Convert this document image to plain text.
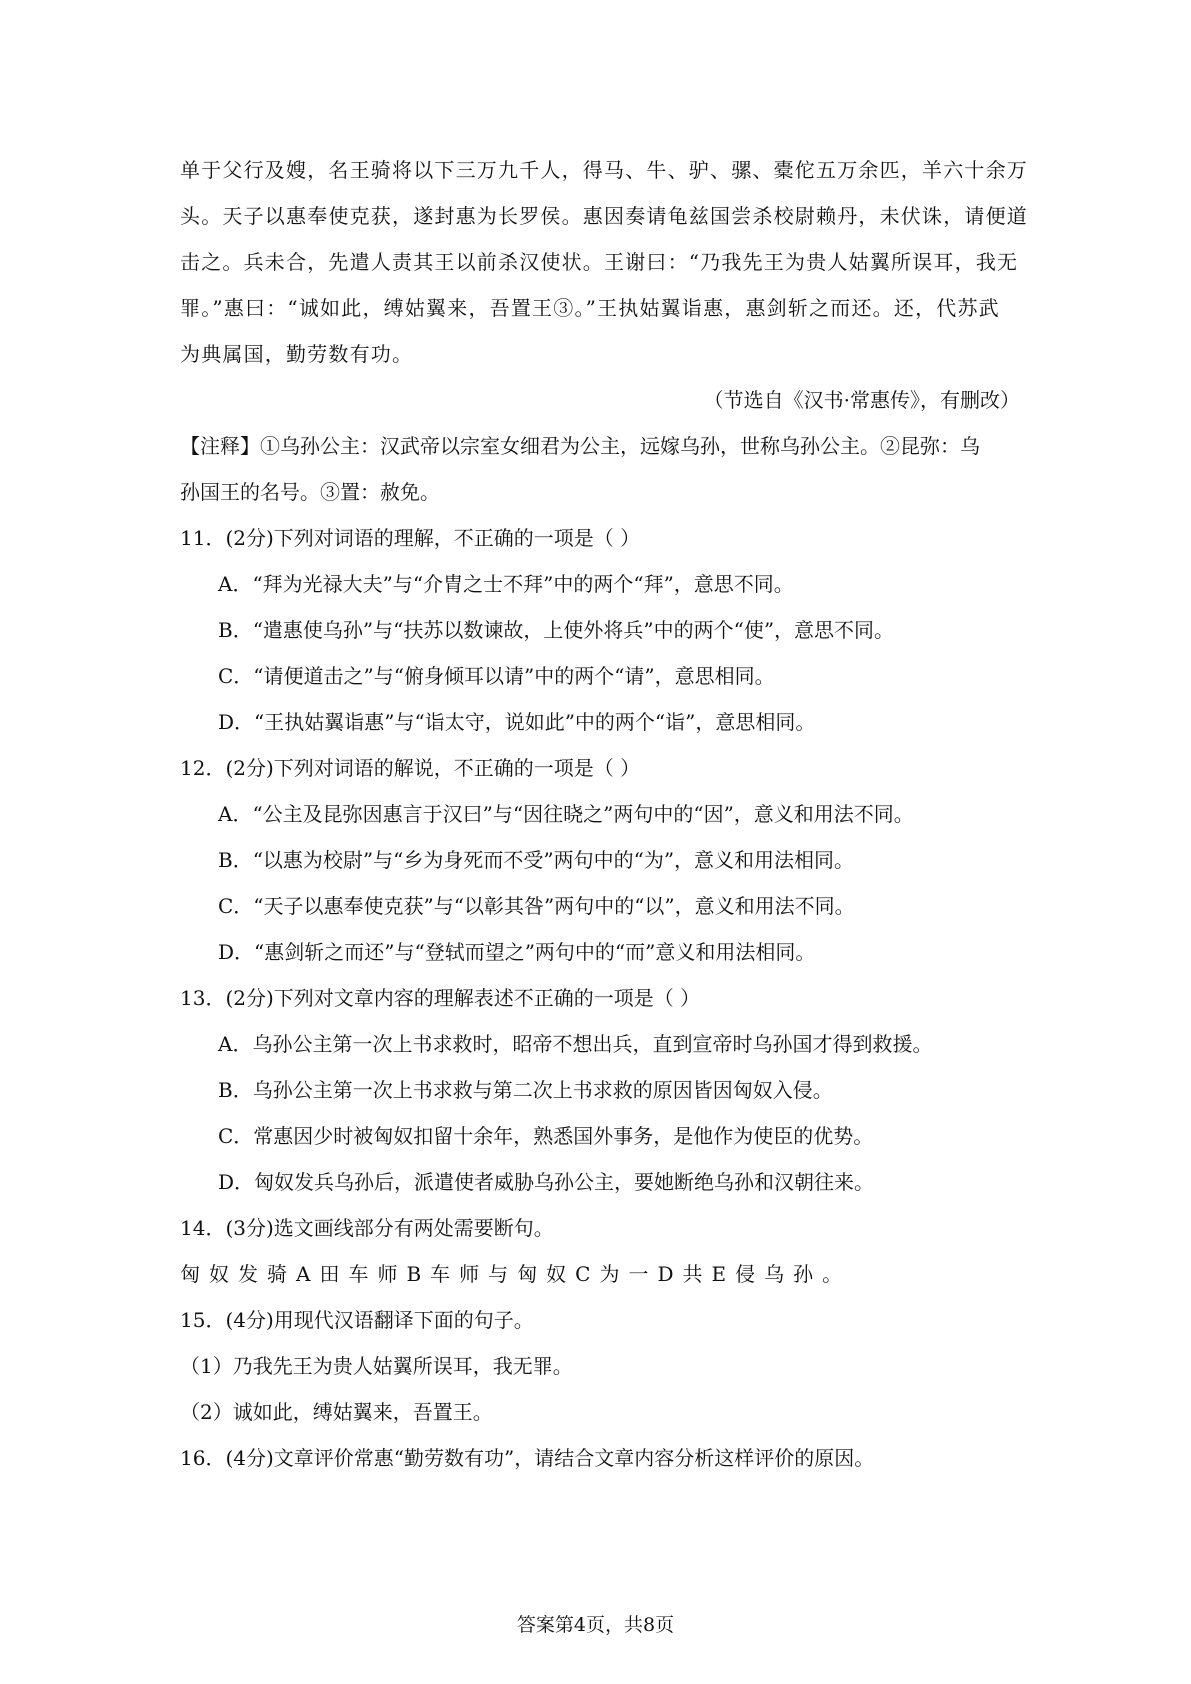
单于父行及嫂，名王骑将以下三万九千人，得马、牛、驴、骡、橐佗五万余匹，羊六十余万

头。天子以惠奉使克获，遂封惠为长罗侯。惠因奏请龟兹国尝杀校尉赖丹，未伏诛，请便道

击之。兵未合，先遣人责其王以前杀汉使状。王谢曰：“乃我先王为贵人姑翼所误耳，我无

罪。”惠曰：“诚如此，缚姑翼来，吾置王③。”王执姑翼诣惠，惠剑斩之而还。还，代苏武

为典属国，勤劳数有功。

（节选自《汉书·常惠传》，有删改）

【注释】①乌孙公主：汉武帝以宗室女细君为公主，远嫁乌孙，世称乌孙公主。②昆弥：乌

孙国王的名号。③置：赦免。

11．(2分)下列对词语的理解，不正确的一项是（ ）

A．“拜为光禄大夫”与“介胄之士不拜”中的两个“拜”，意思不同。

B．“遣惠使乌孙”与“扶苏以数谏故，上使外将兵”中的两个“使”，意思不同。

C．“请便道击之”与“俯身倾耳以请”中的两个“请”，意思相同。

D．“王执姑翼诣惠”与“诣太守，说如此”中的两个“诣”，意思相同。

12．(2分)下列对词语的解说，不正确的一项是（ ）

A．“公主及昆弥因惠言于汉曰”与“因往晓之”两句中的“因”，意义和用法不同。

B．“以惠为校尉”与“乡为身死而不受”两句中的“为”，意义和用法相同。

C．“天子以惠奉使克获”与“以彰其咎”两句中的“以”，意义和用法不同。

D．“惠剑斩之而还”与“登轼而望之”两句中的“而”意义和用法相同。

13．(2分)下列对文章内容的理解表述不正确的一项是（ ）

A．乌孙公主第一次上书求救时，昭帝不想出兵，直到宣帝时乌孙国才得到救援。

B．乌孙公主第一次上书求救与第二次上书求救的原因皆因匈奴入侵。

C．常惠因少时被匈奴扣留十余年，熟悉国外事务，是他作为使臣的优势。

D．匈奴发兵乌孙后，派遣使者威胁乌孙公主，要她断绝乌孙和汉朝往来。

14．(3分)选文画线部分有两处需要断句。

匈奴发骑A田车师B车师与匈奴C为一D共E侵乌孙。

15．(4分)用现代汉语翻译下面的句子。

（1）乃我先王为贵人姑翼所误耳，我无罪。

（2）诚如此，缚姑翼来，吾置王。

16．(4分)文章评价常惠“勤劳数有功”，请结合文章内容分析这样评价的原因。

答案第4页，共8页
